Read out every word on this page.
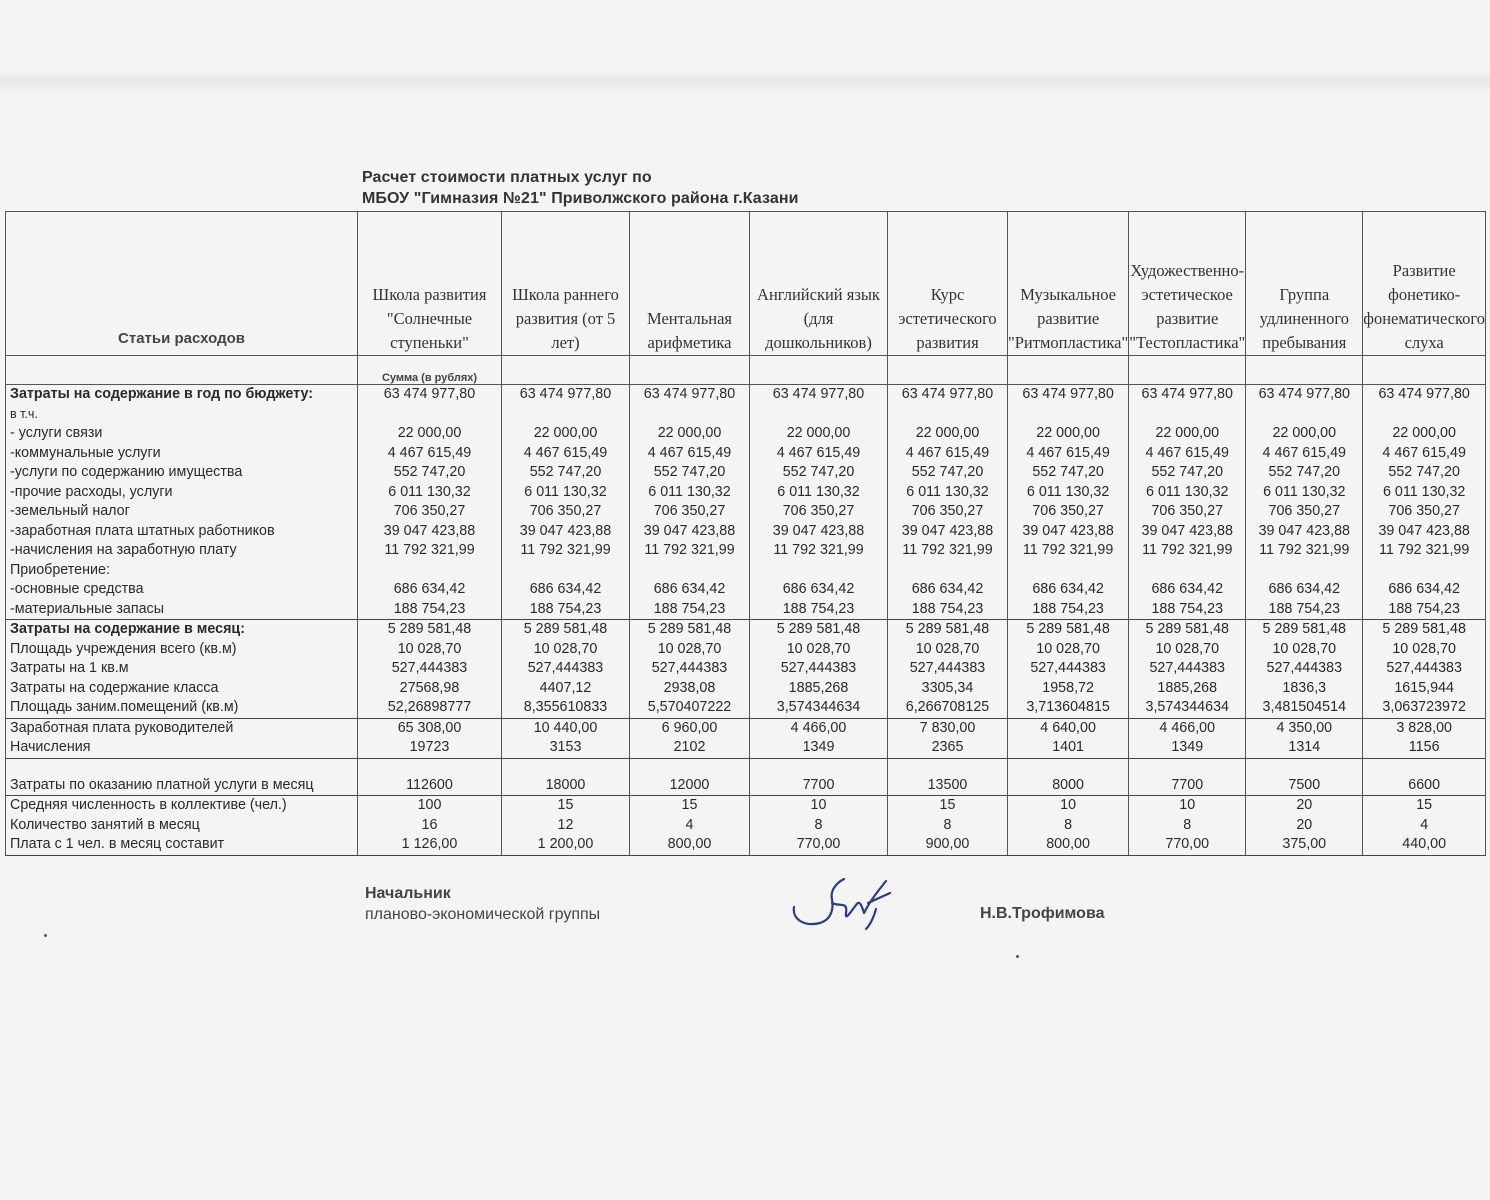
Расчет стоимости платных услуг по
МБОУ "Гимназия №21" Приволжского района г.Казани
Статьи расходов	Школа развития "Солнечные ступеньки"	Школа раннего развития (от 5 лет)	Ментальная арифметика	Английский язык (для дошкольников)	Курс эстетического развития	Музыкальное развитие "Ритмопластика"	Художественно-эстетическое развитие "Тестопластика"	Группа удлиненного пребывания	Развитие фонетико-фонематического слуха
	Сумма (в рублях)								
Затраты на содержание в год по бюджету:	63 474 977,80	63 474 977,80	63 474 977,80	63 474 977,80	63 474 977,80	63 474 977,80	63 474 977,80	63 474 977,80	63 474 977,80
в т.ч.									
- услуги связи	22 000,00	22 000,00	22 000,00	22 000,00	22 000,00	22 000,00	22 000,00	22 000,00	22 000,00
-коммунальные услуги	4 467 615,49	4 467 615,49	4 467 615,49	4 467 615,49	4 467 615,49	4 467 615,49	4 467 615,49	4 467 615,49	4 467 615,49
-услуги по содержанию имущества	552 747,20	552 747,20	552 747,20	552 747,20	552 747,20	552 747,20	552 747,20	552 747,20	552 747,20
-прочие расходы, услуги	6 011 130,32	6 011 130,32	6 011 130,32	6 011 130,32	6 011 130,32	6 011 130,32	6 011 130,32	6 011 130,32	6 011 130,32
-земельный налог	706 350,27	706 350,27	706 350,27	706 350,27	706 350,27	706 350,27	706 350,27	706 350,27	706 350,27
-заработная плата штатных работников	39 047 423,88	39 047 423,88	39 047 423,88	39 047 423,88	39 047 423,88	39 047 423,88	39 047 423,88	39 047 423,88	39 047 423,88
-начисления на заработную плату	11 792 321,99	11 792 321,99	11 792 321,99	11 792 321,99	11 792 321,99	11 792 321,99	11 792 321,99	11 792 321,99	11 792 321,99
Приобретение:									
-основные средства	686 634,42	686 634,42	686 634,42	686 634,42	686 634,42	686 634,42	686 634,42	686 634,42	686 634,42
-материальные запасы	188 754,23	188 754,23	188 754,23	188 754,23	188 754,23	188 754,23	188 754,23	188 754,23	188 754,23
Затраты на содержание в месяц:	5 289 581,48	5 289 581,48	5 289 581,48	5 289 581,48	5 289 581,48	5 289 581,48	5 289 581,48	5 289 581,48	5 289 581,48
Площадь учреждения всего (кв.м)	10 028,70	10 028,70	10 028,70	10 028,70	10 028,70	10 028,70	10 028,70	10 028,70	10 028,70
Затраты на 1 кв.м	527,444383	527,444383	527,444383	527,444383	527,444383	527,444383	527,444383	527,444383	527,444383
Затраты на содержание класса	27568,98	4407,12	2938,08	1885,268	3305,34	1958,72	1885,268	1836,3	1615,944
Площадь заним.помещений (кв.м)	52,26898777	8,355610833	5,570407222	3,574344634	6,266708125	3,713604815	3,574344634	3,481504514	3,063723972
Заработная плата руководителей	65 308,00	10 440,00	6 960,00	4 466,00	7 830,00	4 640,00	4 466,00	4 350,00	3 828,00
Начисления	19723	3153	2102	1349	2365	1401	1349	1314	1156

Затраты по оказанию платной услуги в месяц	112600	18000	12000	7700	13500	8000	7700	7500	6600
Средняя численность в коллективе (чел.)	100	15	15	10	15	10	10	20	15
Количество занятий в месяц	16	12	4	8	8	8	8	20	4
Плата с 1 чел. в месяц составит	1 126,00	1 200,00	800,00	770,00	900,00	800,00	770,00	375,00	440,00
Начальник
планово-экономической группы	Н.В.Трофимова
